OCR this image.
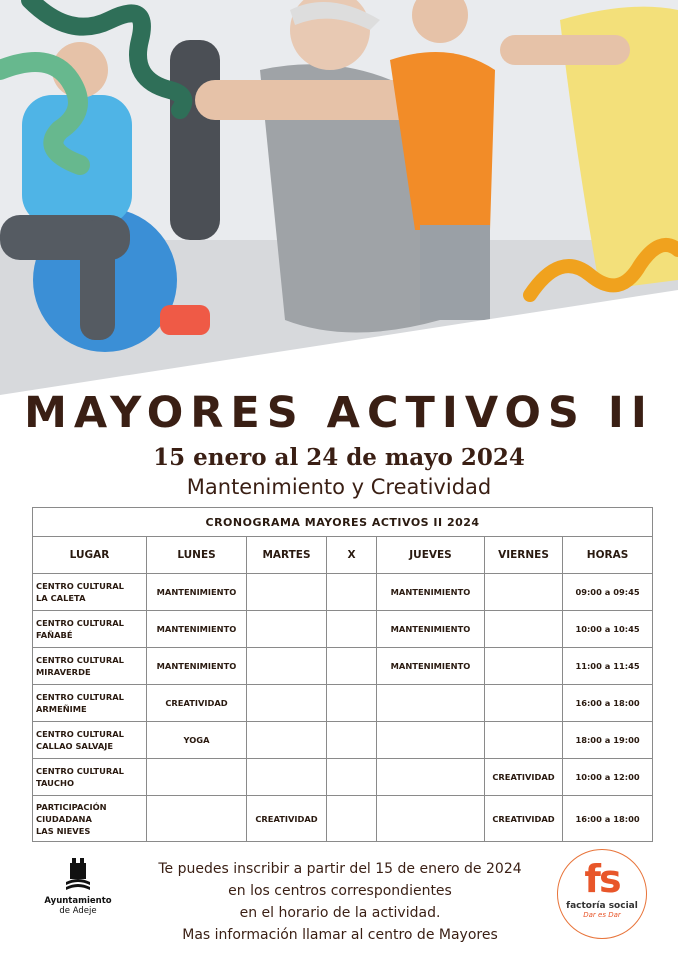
MAYORES ACTIVOS II
15 enero al 24 de mayo 2024
Mantenimiento y Creatividad
CRONOGRAMA MAYORES ACTIVOS II 2024						
LUGAR	LUNES	MARTES	X	JUEVES	VIERNES	HORAS

CENTRO CULTURAL
LA CALETA	MANTENIMIENTO			MANTENIMIENTO		09:00 a 09:45

CENTRO CULTURAL
FAÑABÉ	MANTENIMIENTO			MANTENIMIENTO		10:00 a 10:45

CENTRO CULTURAL
MIRAVERDE	MANTENIMIENTO			MANTENIMIENTO		11:00 a 11:45

CENTRO CULTURAL
ARMEÑIME	CREATIVIDAD					16:00 a 18:00

CENTRO CULTURAL
CALLAO SALVAJE	YOGA					18:00 a 19:00

CENTRO CULTURAL
TAUCHO					CREATIVIDAD	10:00 a 12:00

PARTICIPACIÓN
CIUDADANA
LAS NIEVES		CREATIVIDAD			CREATIVIDAD	16:00 a 18:00
Ayuntamiento
de Adeje
Te puedes inscribir a partir del 15 de enero de 2024
en los centros correspondientes
en el horario de la actividad.
Mas información llamar al centro de Mayores
fs
factoría social
Dar es Dar
